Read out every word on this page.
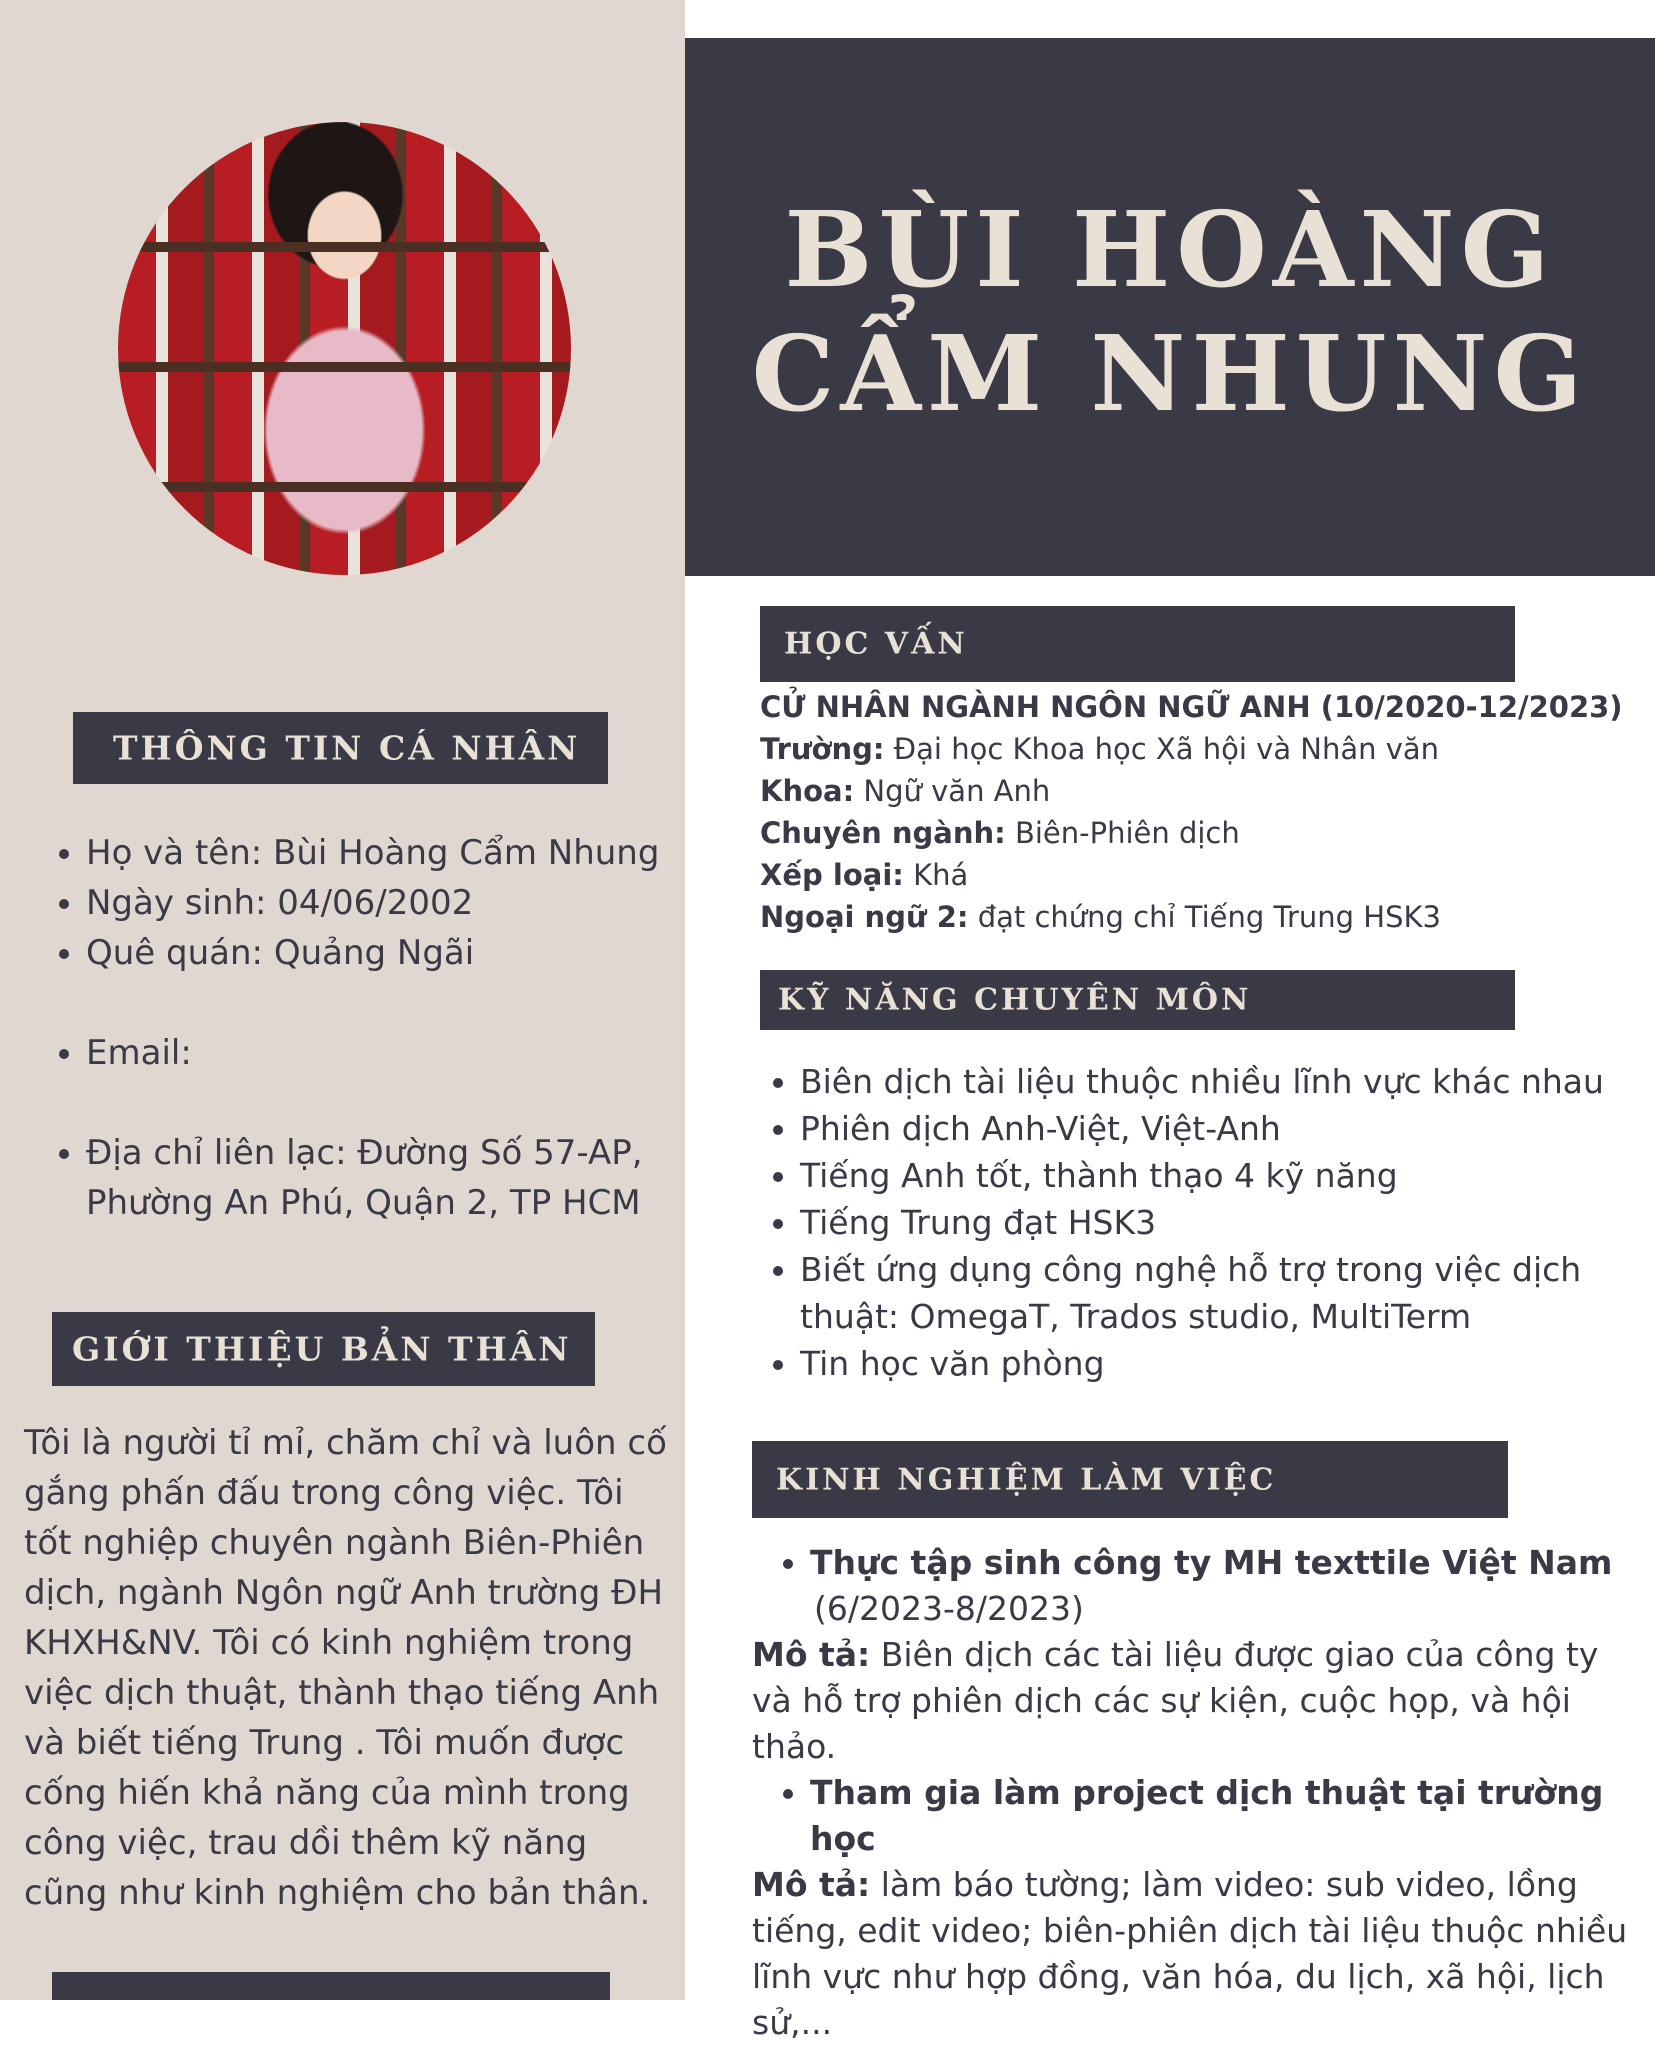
THÔNG TIN CÁ NHÂN
• Họ và tên: Bùi Hoàng Cẩm Nhung
• Ngày sinh: 04/06/2002
• Quê quán: Quảng Ngãi

• Email:

• Địa chỉ liên lạc: Đường Số 57-AP, Phường An Phú, Quận 2, TP HCM
GIỚI THIỆU BẢN THÂN
Tôi là người tỉ mỉ, chăm chỉ và luôn cố gắng phấn đấu trong công việc. Tôi tốt nghiệp chuyên ngành Biên-Phiên dịch, ngành Ngôn ngữ Anh trường ĐH KHXH&NV. Tôi có kinh nghiệm trong việc dịch thuật, thành thạo tiếng Anh và biết tiếng Trung . Tôi muốn được cống hiến khả năng của mình trong công việc, trau dồi thêm kỹ năng cũng như kinh nghiệm cho bản thân.
BÙI HOÀNG
CẨM NHUNG
HỌC VẤN
CỬ NHÂN NGÀNH NGÔN NGỮ ANH (10/2020-12/2023)
Trường: Đại học Khoa học Xã hội và Nhân văn
Khoa: Ngữ văn Anh
Chuyên ngành: Biên-Phiên dịch
Xếp loại: Khá
Ngoại ngữ 2: đạt chứng chỉ Tiếng Trung HSK3
KỸ NĂNG CHUYÊN MÔN
• Biên dịch tài liệu thuộc nhiều lĩnh vực khác nhau
• Phiên dịch Anh-Việt, Việt-Anh
• Tiếng Anh tốt, thành thạo 4 kỹ năng
• Tiếng Trung đạt HSK3
• Biết ứng dụng công nghệ hỗ trợ trong việc dịch thuật: OmegaT, Trados studio, MultiTerm
• Tin học văn phòng
KINH NGHIỆM LÀM VIỆC
• Thực tập sinh công ty MH texttile Việt Nam
(6/2023-8/2023)

Mô tả: Biên dịch các tài liệu được giao của công ty và hỗ trợ phiên dịch các sự kiện, cuộc họp, và hội thảo.

• Tham gia làm project dịch thuật tại trường học

Mô tả: làm báo tường; làm video: sub video, lồng tiếng, edit video; biên-phiên dịch tài liệu thuộc nhiều lĩnh vực như hợp đồng, văn hóa, du lịch, xã hội, lịch sử,...
